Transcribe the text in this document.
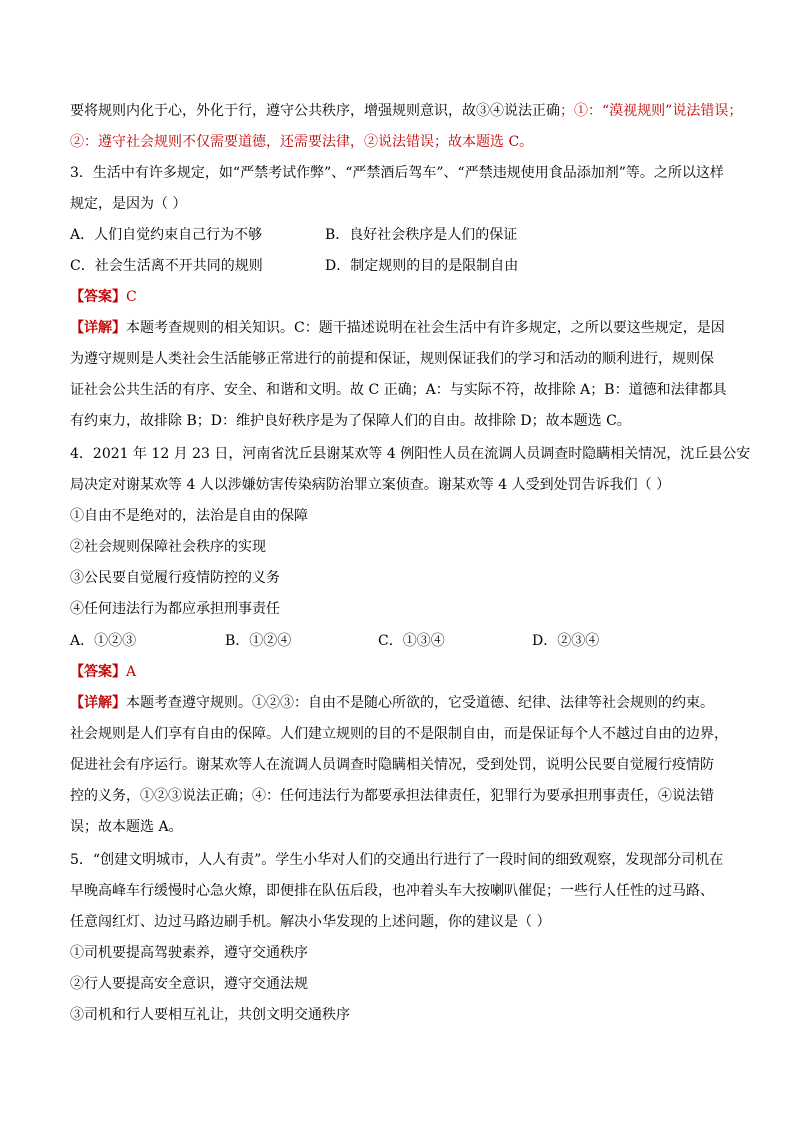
要将规则内化于心，外化于行，遵守公共秩序，增强规则意识，故③④说法正确；①：“漠视规则”说法错误；
②：遵守社会规则不仅需要道德，还需要法律，②说法错误；故本题选 C。
3．生活中有许多规定，如“严禁考试作弊”、“严禁酒后驾车”、“严禁违规使用食品添加剂”等。之所以这样
规定，是因为（ ）
A．人们自觉约束自己行为不够	B．良好社会秩序是人们的保证
C．社会生活离不开共同的规则	D．制定规则的目的是限制自由
【答案】C
【详解】本题考查规则的相关知识。C：题干描述说明在社会生活中有许多规定，之所以要这些规定，是因
为遵守规则是人类社会生活能够正常进行的前提和保证，规则保证我们的学习和活动的顺利进行，规则保
证社会公共生活的有序、安全、和谐和文明。故 C 正确；A：与实际不符，故排除 A；B：道德和法律都具
有约束力，故排除 B；D：维护良好秩序是为了保障人们的自由。故排除 D；故本题选 C。
4．2021 年 12 月 23 日，河南省沈丘县谢某欢等 4 例阳性人员在流调人员调查时隐瞒相关情况，沈丘县公安
局决定对谢某欢等 4 人以涉嫌妨害传染病防治罪立案侦查。谢某欢等 4 人受到处罚告诉我们（ ）
①自由不是绝对的，法治是自由的保障
②社会规则保障社会秩序的实现
③公民要自觉履行疫情防控的义务
④任何违法行为都应承担刑事责任
A．①②③	B．①②④	C．①③④	D．②③④
【答案】A
【详解】本题考查遵守规则。①②③：自由不是随心所欲的，它受道德、纪律、法律等社会规则的约束。
社会规则是人们享有自由的保障。人们建立规则的目的不是限制自由，而是保证每个人不越过自由的边界，
促进社会有序运行。谢某欢等人在流调人员调查时隐瞒相关情况，受到处罚，说明公民要自觉履行疫情防
控的义务，①②③说法正确；④：任何违法行为都要承担法律责任，犯罪行为要承担刑事责任，④说法错
误；故本题选 A。
5．“创建文明城市，人人有责”。学生小华对人们的交通出行进行了一段时间的细致观察，发现部分司机在
早晚高峰车行缓慢时心急火燎，即便排在队伍后段，也冲着头车大按喇叭催促；一些行人任性的过马路、
任意闯红灯、边过马路边刷手机。解决小华发现的上述问题，你的建议是（ ）
①司机要提高驾驶素养，遵守交通秩序
②行人要提高安全意识，遵守交通法规
③司机和行人要相互礼让，共创文明交通秩序
